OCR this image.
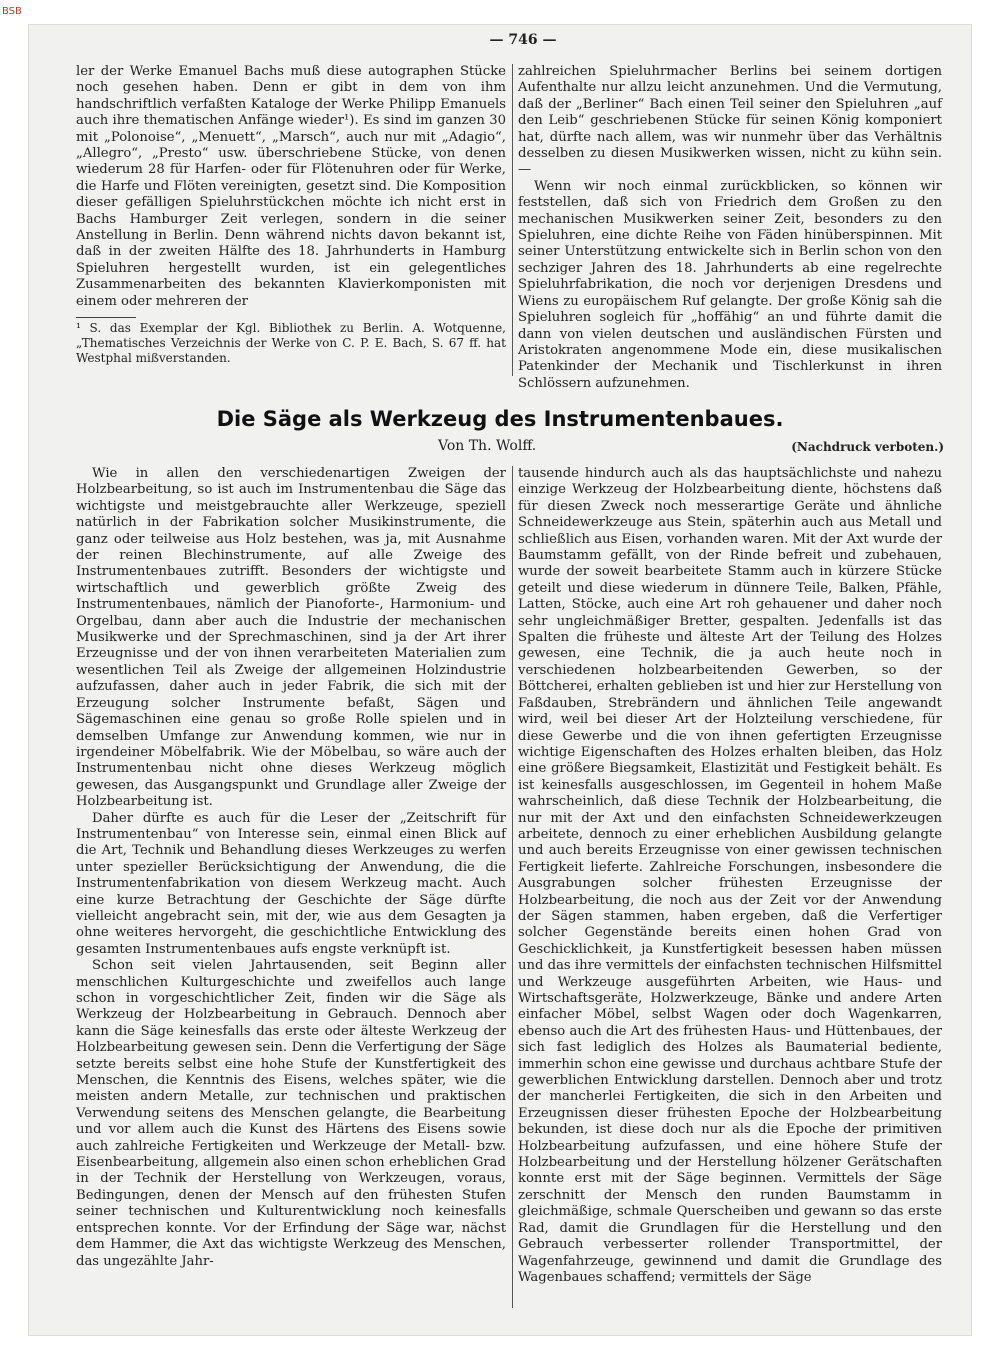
BSB
— 746 —

ler der Werke Emanuel Bachs muß diese autographen Stücke noch gesehen haben. Denn er gibt in dem von ihm handschriftlich verfaßten Kataloge der Werke Philipp Emanuels auch ihre thematischen Anfänge wieder¹). Es sind im ganzen 30 mit „Polonoise“, „Menuett“, „Marsch“, auch nur mit „Adagio“, „Allegro“, „Presto“ usw. überschriebene Stücke, von denen wiederum 28 für Harfen- oder für Flötenuhren oder für Werke, die Harfe und Flöten vereinigten, gesetzt sind. Die Komposition dieser gefälligen Spieluhrstückchen möchte ich nicht erst in Bachs Hamburger Zeit verlegen, sondern in die seiner Anstellung in Berlin. Denn während nichts davon bekannt ist, daß in der zweiten Hälfte des 18. Jahrhunderts in Hamburg Spieluhren hergestellt wurden, ist ein gelegentliches Zusammenarbeiten des bekannten Klavierkomponisten mit einem oder mehreren der

¹ S. das Exemplar der Kgl. Bibliothek zu Berlin. A. Wotquenne, „Thematisches Verzeichnis der Werke von C. P. E. Bach, S. 67 ff. hat Westphal mißverstanden.

zahlreichen Spieluhrmacher Berlins bei seinem dortigen Aufenthalte nur allzu leicht anzunehmen. Und die Vermutung, daß der „Berliner“ Bach einen Teil seiner den Spieluhren „auf den Leib“ geschriebenen Stücke für seinen König komponiert hat, dürfte nach allem, was wir nunmehr über das Verhältnis desselben zu diesen Musikwerken wissen, nicht zu kühn sein. —

Wenn wir noch einmal zurückblicken, so können wir feststellen, daß sich von Friedrich dem Großen zu den mechanischen Musikwerken seiner Zeit, besonders zu den Spieluhren, eine dichte Reihe von Fäden hinüberspinnen. Mit seiner Unterstützung entwickelte sich in Berlin schon von den sechziger Jahren des 18. Jahrhunderts ab eine regelrechte Spieluhrfabrikation, die noch vor derjenigen Dresdens und Wiens zu europäischem Ruf gelangte. Der große König sah die Spieluhren sogleich für „hoffähig“ an und führte damit die dann von vielen deutschen und ausländischen Fürsten und Aristokraten angenommene Mode ein, diese musikalischen Patenkinder der Mechanik und Tischlerkunst in ihren Schlössern aufzunehmen.

Die Säge als Werkzeug des Instrumentenbaues.
Von Th. Wolff.	(Nachdruck verboten.)

Wie in allen den verschiedenartigen Zweigen der Holzbearbeitung, so ist auch im Instrumentenbau die Säge das wichtigste und meistgebrauchte aller Werkzeuge, speziell natürlich in der Fabrikation solcher Musikinstrumente, die ganz oder teilweise aus Holz bestehen, was ja, mit Ausnahme der reinen Blechinstrumente, auf alle Zweige des Instrumentenbaues zutrifft. Besonders der wichtigste und wirtschaftlich und gewerblich größte Zweig des Instrumentenbaues, nämlich der Pianoforte-, Harmonium- und Orgelbau, dann aber auch die Industrie der mechanischen Musikwerke und der Sprechmaschinen, sind ja der Art ihrer Erzeugnisse und der von ihnen verarbeiteten Materialien zum wesentlichen Teil als Zweige der allgemeinen Holzindustrie aufzufassen, daher auch in jeder Fabrik, die sich mit der Erzeugung solcher Instrumente befaßt, Sägen und Sägemaschinen eine genau so große Rolle spielen und in demselben Umfange zur Anwendung kommen, wie nur in irgendeiner Möbelfabrik. Wie der Möbelbau, so wäre auch der Instrumentenbau nicht ohne dieses Werkzeug möglich gewesen, das Ausgangspunkt und Grundlage aller Zweige der Holzbearbeitung ist.

Daher dürfte es auch für die Leser der „Zeitschrift für Instrumentenbau“ von Interesse sein, einmal einen Blick auf die Art, Technik und Behandlung dieses Werkzeuges zu werfen unter spezieller Berücksichtigung der Anwendung, die die Instrumentenfabrikation von diesem Werkzeug macht. Auch eine kurze Betrachtung der Geschichte der Säge dürfte vielleicht angebracht sein, mit der, wie aus dem Gesagten ja ohne weiteres hervorgeht, die geschichtliche Entwicklung des gesamten Instrumentenbaues aufs engste verknüpft ist.

Schon seit vielen Jahrtausenden, seit Beginn aller menschlichen Kulturgeschichte und zweifellos auch lange schon in vorgeschichtlicher Zeit, finden wir die Säge als Werkzeug der Holzbearbeitung in Gebrauch. Dennoch aber kann die Säge keinesfalls das erste oder älteste Werkzeug der Holzbearbeitung gewesen sein. Denn die Verfertigung der Säge setzte bereits selbst eine hohe Stufe der Kunstfertigkeit des Menschen, die Kenntnis des Eisens, welches später, wie die meisten andern Metalle, zur technischen und praktischen Verwendung seitens des Menschen gelangte, die Bearbeitung und vor allem auch die Kunst des Härtens des Eisens sowie auch zahlreiche Fertigkeiten und Werkzeuge der Metall- bzw. Eisenbearbeitung, allgemein also einen schon erheblichen Grad in der Technik der Herstellung von Werkzeugen, voraus, Bedingungen, denen der Mensch auf den frühesten Stufen seiner technischen und Kulturentwicklung noch keinesfalls entsprechen konnte. Vor der Erfindung der Säge war, nächst dem Hammer, die Axt das wichtigste Werkzeug des Menschen, das ungezählte Jahr-

tausende hindurch auch als das hauptsächlichste und nahezu einzige Werkzeug der Holzbearbeitung diente, höchstens daß für diesen Zweck noch messerartige Geräte und ähnliche Schneidewerkzeuge aus Stein, späterhin auch aus Metall und schließlich aus Eisen, vorhanden waren. Mit der Axt wurde der Baumstamm gefällt, von der Rinde befreit und zubehauen, wurde der soweit bearbeitete Stamm auch in kürzere Stücke geteilt und diese wiederum in dünnere Teile, Balken, Pfähle, Latten, Stöcke, auch eine Art roh gehauener und daher noch sehr ungleichmäßiger Bretter, gespalten. Jedenfalls ist das Spalten die früheste und älteste Art der Teilung des Holzes gewesen, eine Technik, die ja auch heute noch in verschiedenen holzbearbeitenden Gewerben, so der Böttcherei, erhalten geblieben ist und hier zur Herstellung von Faßdauben, Strebrändern und ähnlichen Teile angewandt wird, weil bei dieser Art der Holzteilung verschiedene, für diese Gewerbe und die von ihnen gefertigten Erzeugnisse wichtige Eigenschaften des Holzes erhalten bleiben, das Holz eine größere Biegsamkeit, Elastizität und Festigkeit behält. Es ist keinesfalls ausgeschlossen, im Gegenteil in hohem Maße wahrscheinlich, daß diese Technik der Holzbearbeitung, die nur mit der Axt und den einfachsten Schneidewerkzeugen arbeitete, dennoch zu einer erheblichen Ausbildung gelangte und auch bereits Erzeugnisse von einer gewissen technischen Fertigkeit lieferte. Zahlreiche Forschungen, insbesondere die Ausgrabungen solcher frühesten Erzeugnisse der Holzbearbeitung, die noch aus der Zeit vor der Anwendung der Sägen stammen, haben ergeben, daß die Verfertiger solcher Gegenstände bereits einen hohen Grad von Geschicklichkeit, ja Kunstfertigkeit besessen haben müssen und das ihre vermittels der einfachsten technischen Hilfsmittel und Werkzeuge ausgeführten Arbeiten, wie Haus- und Wirtschaftsgeräte, Holzwerkzeuge, Bänke und andere Arten einfacher Möbel, selbst Wagen oder doch Wagenkarren, ebenso auch die Art des frühesten Haus- und Hüttenbaues, der sich fast lediglich des Holzes als Baumaterial bediente, immerhin schon eine gewisse und durchaus achtbare Stufe der gewerblichen Entwicklung darstellen. Dennoch aber und trotz der mancherlei Fertigkeiten, die sich in den Arbeiten und Erzeugnissen dieser frühesten Epoche der Holzbearbeitung bekunden, ist diese doch nur als die Epoche der primitiven Holzbearbeitung aufzufassen, und eine höhere Stufe der Holzbearbeitung und der Herstellung hölzener Gerätschaften konnte erst mit der Säge beginnen. Vermittels der Säge zerschnitt der Mensch den runden Baumstamm in gleichmäßige, schmale Querscheiben und gewann so das erste Rad, damit die Grundlagen für die Herstellung und den Gebrauch verbesserter rollender Transportmittel, der Wagenfahrzeuge, gewinnend und damit die Grundlage des Wagenbaues schaffend; vermittels der Säge
